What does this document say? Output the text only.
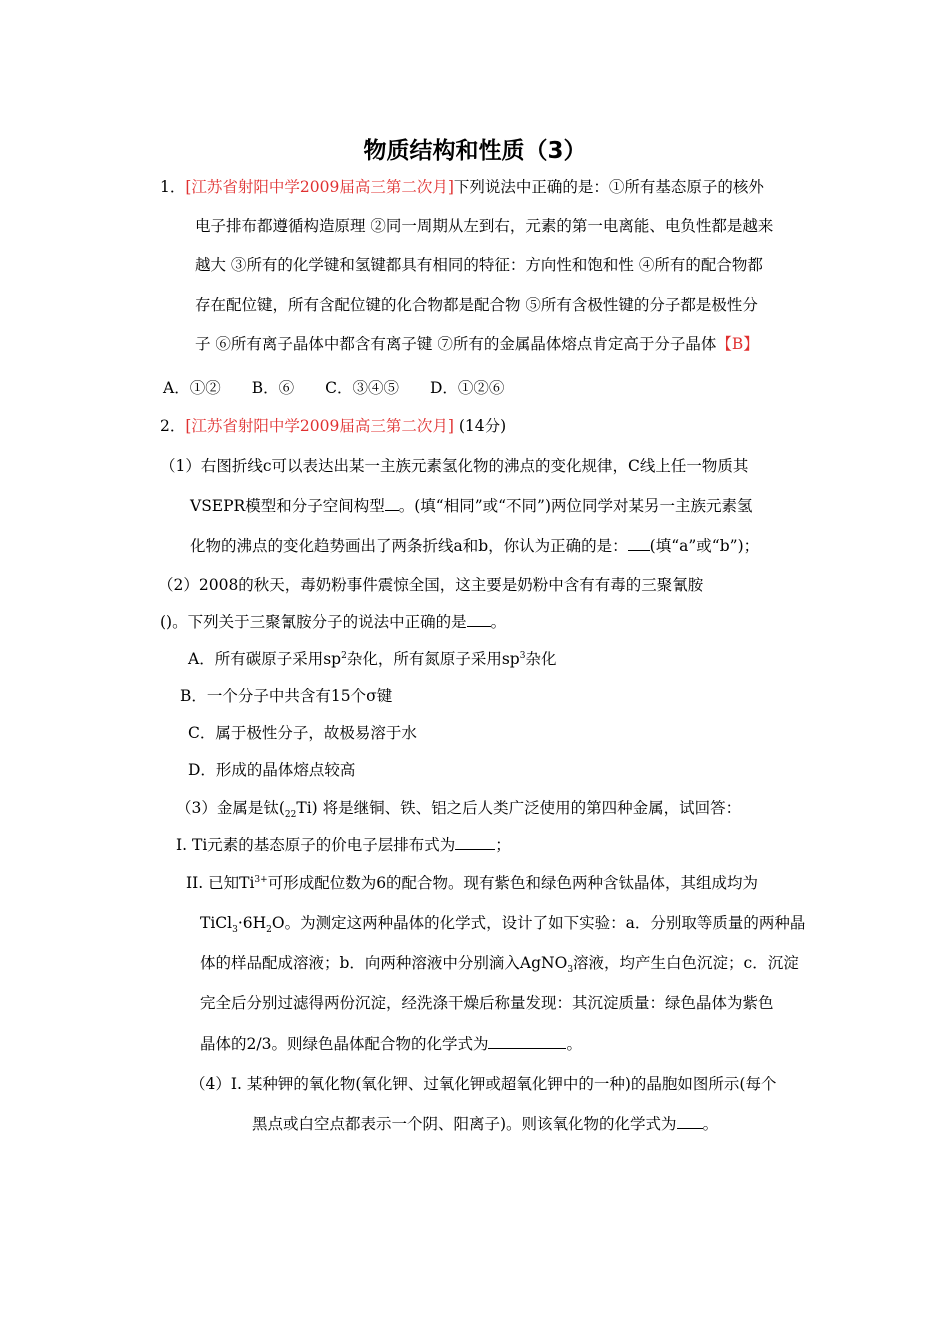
物质结构和性质（3）
1．[江苏省射阳中学2009届高三第二次月]下列说法中正确的是：①所有基态原子的核外
电子排布都遵循构造原理 ②同一周期从左到右，元素的第一电离能、电负性都是越来
越大 ③所有的化学键和氢键都具有相同的特征：方向性和饱和性 ④所有的配合物都
存在配位键，所有含配位键的化合物都是配合物 ⑤所有含极性键的分子都是极性分
子 ⑥所有离子晶体中都含有离子键 ⑦所有的金属晶体熔点肯定高于分子晶体【B】
A．①②　　B．⑥　　C．③④⑤　　D．①②⑥
2．[江苏省射阳中学2009届高三第二次月] (14分)
（1）右图折线c可以表达出某一主族元素氢化物的沸点的变化规律，C线上任一物质其
VSEPR模型和分子空间构型 。(填“相同”或“不同”)两位同学对某另一主族元素氢
化物的沸点的变化趋势画出了两条折线a和b，你认为正确的是： (填“a”或“b”)；
（2）2008的秋天，毒奶粉事件震惊全国，这主要是奶粉中含有有毒的三聚氰胺
()。下列关于三聚氰胺分子的说法中正确的是 。
A．所有碳原子采用$sp^2$杂化，所有氮原子采用$sp^3$杂化
B．一个分子中共含有15个σ键
C．属于极性分子，故极易溶于水
D．形成的晶体熔点较高
（3）金属是钛$(_{22}Ti)$ 将是继铜、铁、铝之后人类广泛使用的第四种金属，试回答：
I. Ti元素的基态原子的价电子层排布式为	；
II. 已知$Ti^{3+}$可形成配位数为6的配合物。现有紫色和绿色两种含钛晶体，其组成均为
$TiCl_3\cdot 6H_2O$。为测定这两种晶体的化学式，设计了如下实验：a．分别取等质量的两种晶
体的样品配成溶液；b．向两种溶液中分别滴入AgNO$_3$溶液，均产生白色沉淀；c．沉淀
完全后分别过滤得两份沉淀，经洗涤干燥后称量发现：其沉淀质量：绿色晶体为紫色
晶体的2/3。则绿色晶体配合物的化学式为	。
（4）I. 某种钾的氧化物(氧化钾、过氧化钾或超氧化钾中的一种)的晶胞如图所示(每个
黑点或白空点都表示一个阴、阳离子)。则该氧化物的化学式为 。
